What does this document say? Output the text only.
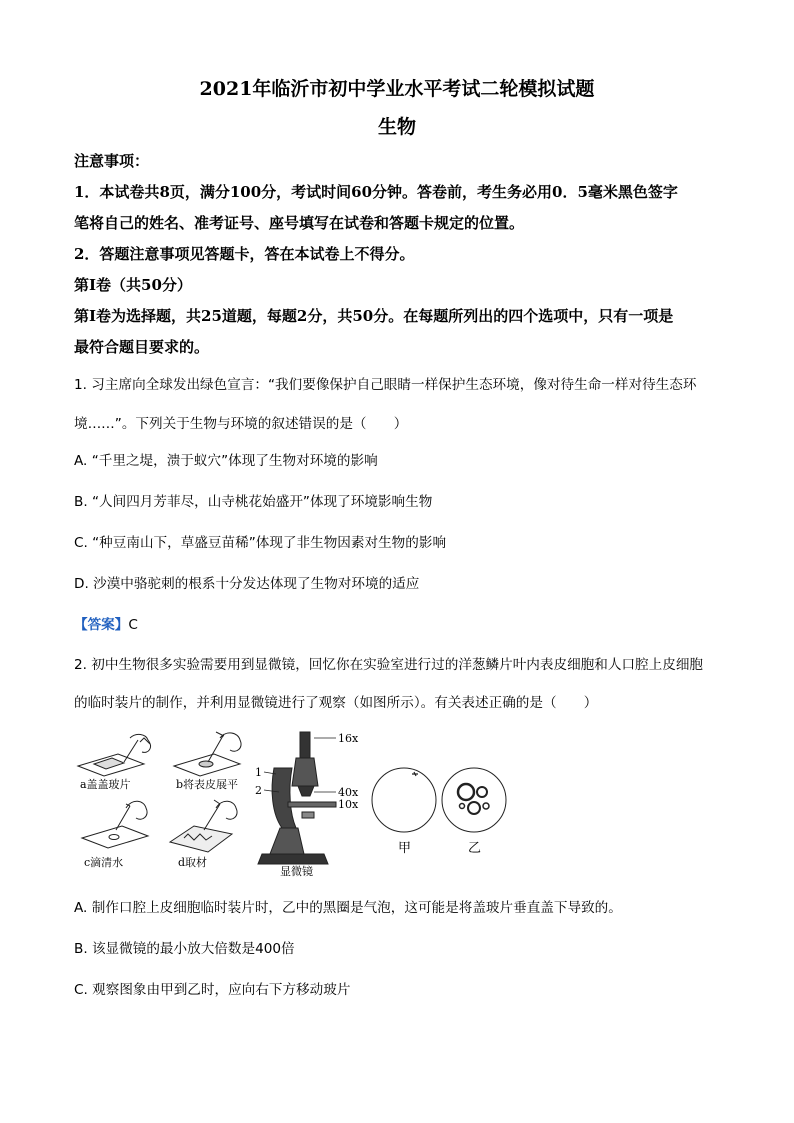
2021年临沂市初中学业水平考试二轮模拟试题
生物
注意事项：
1．本试卷共8页，满分100分，考试时间60分钟。答卷前，考生务必用0．5毫米黑色签字
笔将自己的姓名、准考证号、座号填写在试卷和答题卡规定的位置。
2．答题注意事项见答题卡，答在本试卷上不得分。
第I卷（共50分）
第I卷为选择题，共25道题，每题2分，共50分。在每题所列出的四个选项中，只有一项是
最符合题目要求的。
1. 习主席向全球发出绿色宣言：“我们要像保护自己眼睛一样保护生态环境，像对待生命一样对待生态环
境……”。下列关于生物与环境的叙述错误的是（　　）
A. “千里之堤，溃于蚁穴”体现了生物对环境的影响
B. “人间四月芳菲尽，山寺桃花始盛开”体现了环境影响生物
C. “种豆南山下，草盛豆苗稀”体现了非生物因素对生物的影响
D. 沙漠中骆驼刺的根系十分发达体现了生物对环境的适应
【答案】C
2. 初中生物很多实验需要用到显微镜，回忆你在实验室进行过的洋葱鳞片叶内表皮细胞和人口腔上皮细胞
的临时装片的制作，并利用显微镜进行了观察（如图所示）。有关表述正确的是（　　）
a盖盖玻片	b将表皮展平
c滴清水	d取材
16x
40x
10x
1
2
显微镜
甲	乙
A. 制作口腔上皮细胞临时装片时，乙中的黑圈是气泡，这可能是将盖玻片垂直盖下导致的。
B. 该显微镜的最小放大倍数是400倍
C. 观察图象由甲到乙时，应向右下方移动玻片
